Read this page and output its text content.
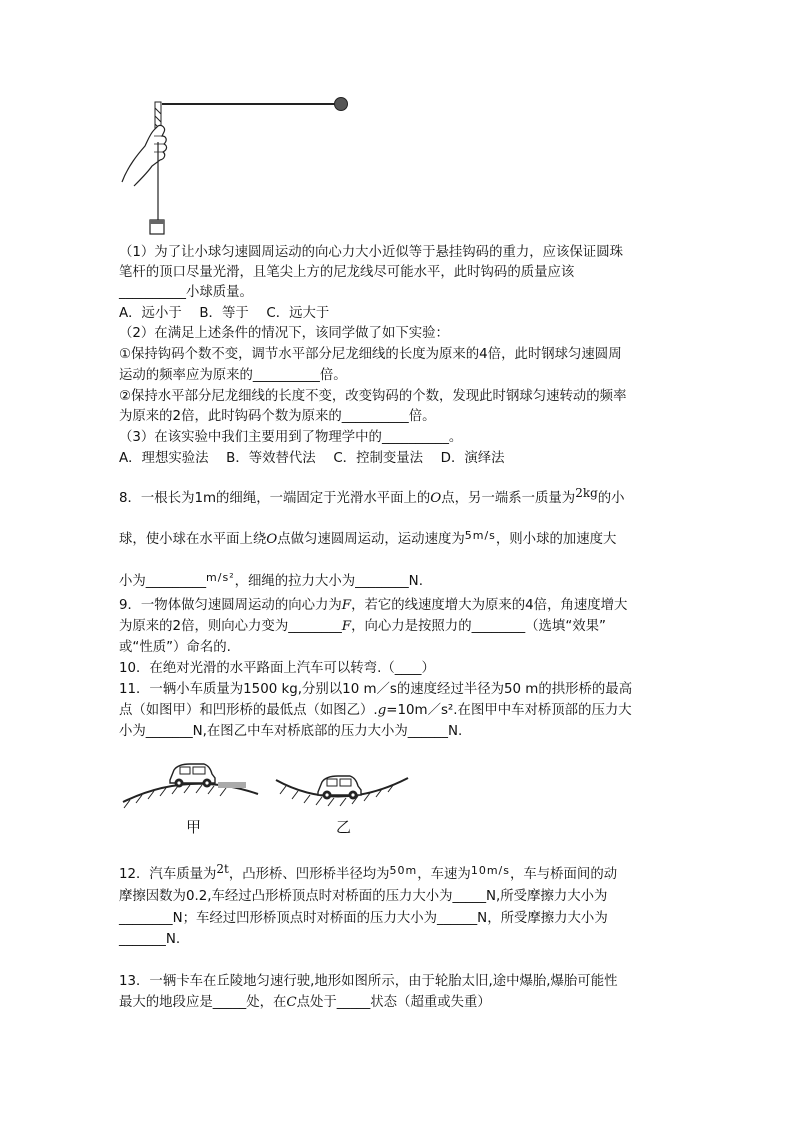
（1）为了让小球匀速圆周运动的向心力大小近似等于悬挂钩码的重力，应该保证圆珠
笔杆的顶口尽量光滑，且笔尖上方的尼龙线尽可能水平，此时钩码的质量应该
__________小球质量。
A．远小于　 B．等于　 C．远大于
（2）在满足上述条件的情况下，该同学做了如下实验：
①保持钩码个数不变，调节水平部分尼龙细线的长度为原来的4倍，此时钢球匀速圆周
运动的频率应为原来的__________倍。
②保持水平部分尼龙细线的长度不变，改变钩码的个数，发现此时钢球匀速转动的频率
为原来的2倍，此时钩码个数为原来的__________倍。
（3）在该实验中我们主要用到了物理学中的__________。
A．理想实验法　 B．等效替代法　 C．控制变量法　 D．演绎法
8．一根长为1m的细绳，一端固定于光滑水平面上的O点，另一端系一质量为2kg的小
球，使小球在水平面上绕O点做匀速圆周运动，运动速度为$^{5m/s}$，则小球的加速度大
小为_________$^{m/s^2}$，细绳的拉力大小为________N.
9．一物体做匀速圆周运动的向心力为F，若它的线速度增大为原来的4倍，角速度增大
为原来的2倍，则向心力变为________F，向心力是按照力的________（选填“效果”
或“性质”）命名的.
10．在绝对光滑的水平路面上汽车可以转弯.（____）
11．一辆小车质量为1500 kg,分别以10 m／s的速度经过半径为50 m的拱形桥的最高
点（如图甲）和凹形桥的最低点（如图乙）.g=10m／s².在图甲中车对桥顶部的压力大
小为_______N,在图乙中车对桥底部的压力大小为______N.
甲	乙
12．汽车质量为2t，凸形桥、凹形桥半径均为$^{50m}$，车速为$^{10m/s}$，车与桥面间的动
摩擦因数为0.2,车经过凸形桥顶点时对桥面的压力大小为_____N,所受摩擦力大小为
________N；车经过凹形桥顶点时对桥面的压力大小为______N，所受摩擦力大小为
_______N.
13．一辆卡车在丘陵地匀速行驶,地形如图所示，由于轮胎太旧,途中爆胎,爆胎可能性
最大的地段应是_____处，在C点处于_____状态（超重或失重）
